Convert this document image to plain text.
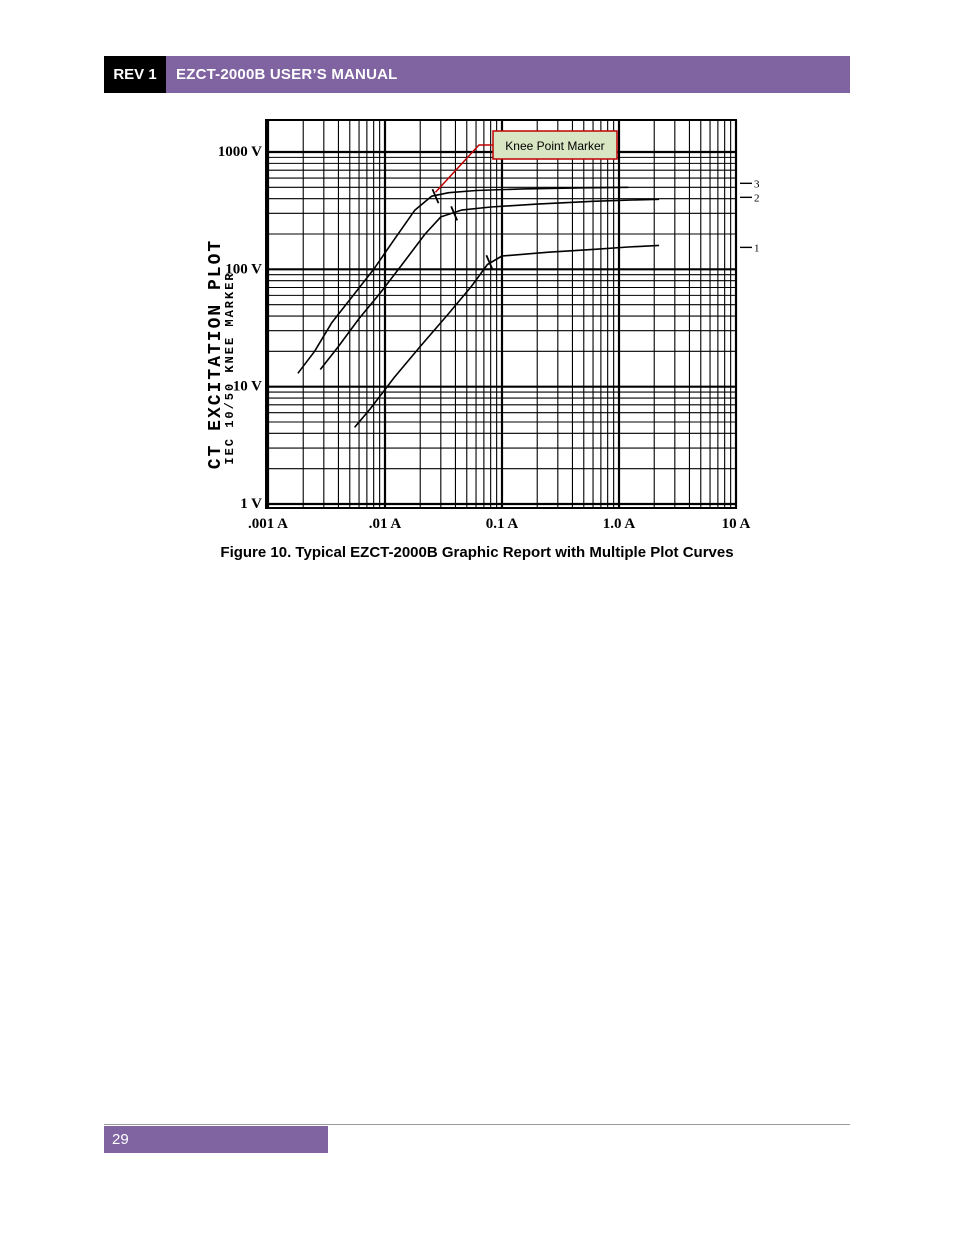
REV 1	EZCT-2000B USER’S MANUAL
.001 A	.01 A	0.1 A	1.0 A	10 A
1 V
10 V
100 V
1000 V
1
2
3
CT EXCITATION PLOT
IEC 10/50 KNEE MARKER
Knee Point Marker
Figure 10. Typical EZCT-2000B Graphic Report with Multiple Plot Curves
29
